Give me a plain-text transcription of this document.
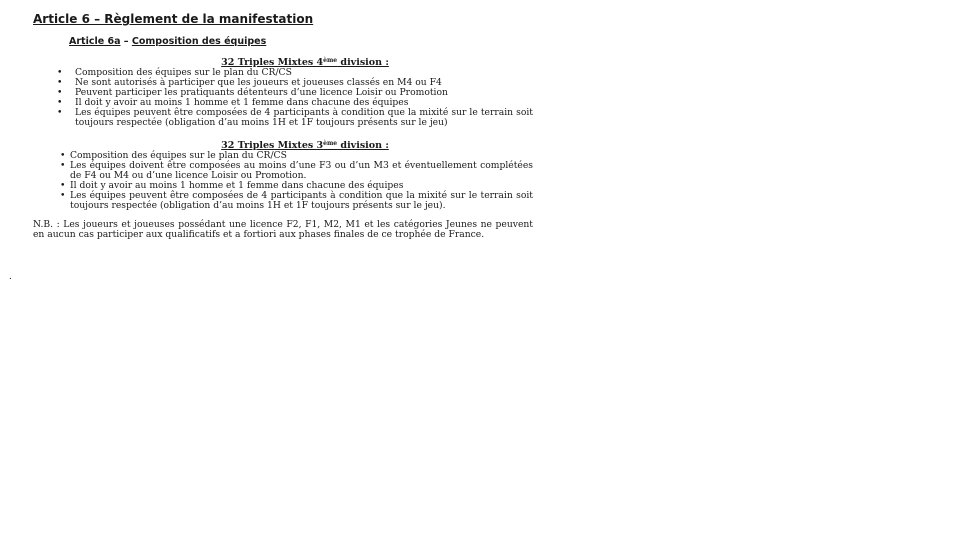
Article 6 – Règlement de la manifestation
Article 6a – Composition des équipes
32 Triples Mixtes 4ème division :
• Composition des équipes sur le plan du CR/CS
• Ne sont autorisés à participer que les joueurs et joueuses classés en M4 ou F4
• Peuvent participer les pratiquants détenteurs d’une licence Loisir ou Promotion
• Il doit y avoir au moins 1 homme et 1 femme dans chacune des équipes
• Les équipes peuvent être composées de 4 participants à condition que la mixité sur le terrain soit toujours respectée (obligation d’au moins 1H et 1F toujours présents sur le jeu)
32 Triples Mixtes 3ème division :
• Composition des équipes sur le plan du CR/CS
• Les équipes doivent être composées au moins d’une F3 ou d’un M3 et éventuellement complétées de F4 ou M4 ou d’une licence Loisir ou Promotion.
• Il doit y avoir au moins 1 homme et 1 femme dans chacune des équipes
• Les équipes peuvent être composées de 4 participants à condition que la mixité sur le terrain soit toujours respectée (obligation d’au moins 1H et 1F toujours présents sur le jeu).

N.B. : Les joueurs et joueuses possédant une licence F2, F1, M2, M1 et les catégories Jeunes ne peuvent en aucun cas participer aux qualificatifs et a fortiori aux phases finales de ce trophée de France.

.
